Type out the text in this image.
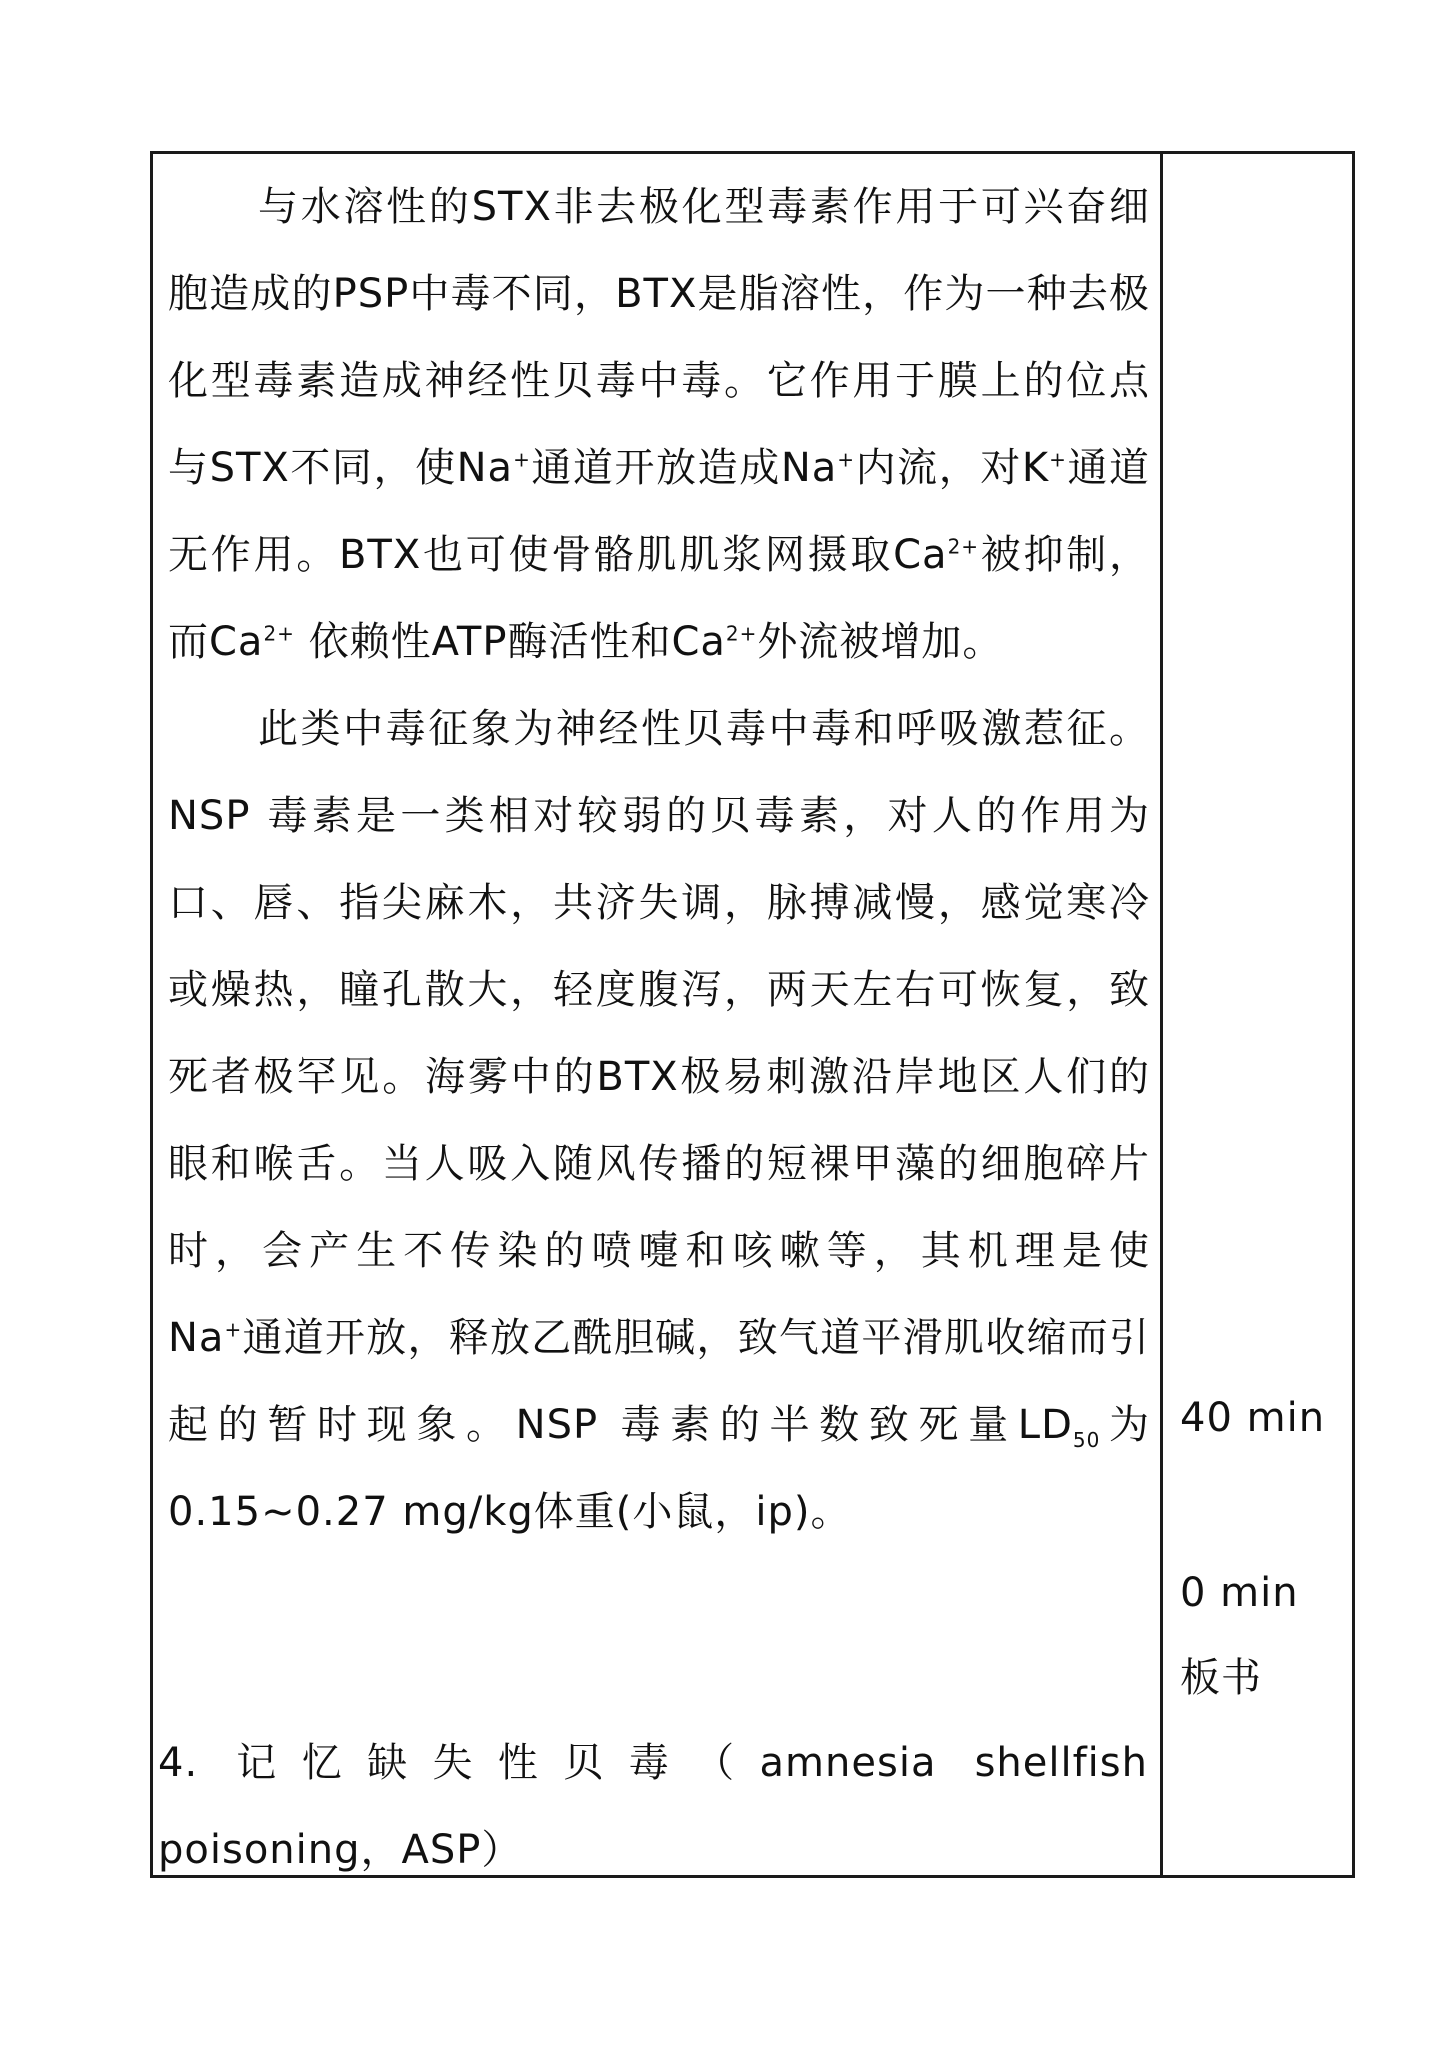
与水溶性的STX非去极化型毒素作用于可兴奋细胞造成的PSP中毒不同，BTX是脂溶性，作为一种去极化型毒素造成神经性贝毒中毒。它作用于膜上的位点与STX不同，使Na+通道开放造成Na+内流，对K+通道无作用。BTX也可使骨骼肌肌浆网摄取$Ca^{2+}$被抑制，而$Ca^{2+}$ 依赖性ATP酶活性和$Ca^{2+}$外流被增加。

此类中毒征象为神经性贝毒中毒和呼吸激惹征。NSP 毒素是一类相对较弱的贝毒素，对人的作用为口、唇、指尖麻木，共济失调，脉搏减慢，感觉寒冷或燥热，瞳孔散大，轻度腹泻，两天左右可恢复，致死者极罕见。海雾中的BTX极易刺激沿岸地区人们的眼和喉舌。当人吸入随风传播的短裸甲藻的细胞碎片时，会产生不传染的喷嚏和咳嗽等，其机理是使 Na+通道开放，释放乙酰胆碱，致气道平滑肌收缩而引起的暂时现象。NSP 毒素的半数致死量$LD_{50}$为0.15~0.27 mg/kg体重(小鼠，ip)。

4. 记忆缺失性贝毒（amnesia shellfish poisoning，ASP）

40 min
0 min
板书
